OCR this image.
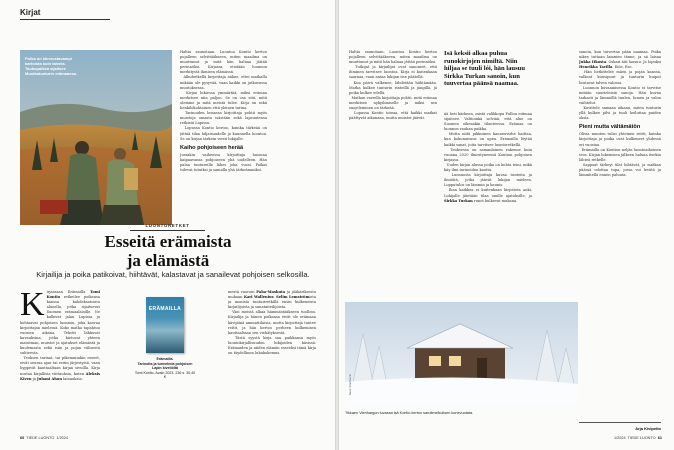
Kirjat
Pulka on kiinnostavampi kartoista kuin talveia. Taukopaikka sijaitsee Muotkatunturin erämaassa.
LUONTORETKET
Esseitä erämaista
ja elämästä
Kirjailija ja poika patikoivat, hiihtävät, kalastavat ja sanailevat pohjoisen selkosilla.
Kirjassaan Erämailla Tomi Kontio retkeilee poikansa kanssa kahdeksatoista alueella, jotka sijaitsevat Suomen erämaalaisille. Ne kulkivat jalan Lapissa ja kohtaavat pohjoisen luonnon, joka kasvaa kirjoittajan mielessä. Koko matka tapahtuu vuosien aikana. Tekstit liikkuvat kuvauksina, jotka kietovat yhteen maiseman, muistot ja ajatukset elämästä ja kuolemasta sekä isän ja pojan välisestä suhteesta.
Teoksen tarinat, tai pikemminkin esseet, eivät seuraa ajan tai reitin järjestystä, vaan hyppivät kauttaaltaan kirjan sivuilla. Kirja nostaa kirjallisia viittauksia, kuten Aleksis Kiven ja Juhani Ahon lainauksia.
ERÄMAILLA
Erämailla.
Tarinoita ja tunnelmia pohjoisen Lapin kiveliöltä
Tomi Kontio. Avain 2023. 236 s. 30,40 €
mestä vuoroin Paha-Maskuta ja jääkäriksesta mukaan Kari Wallenius. Selim Lemströmista ja monista tunturiretkillä ensin kulkeneista kirjailijoista ja sanataiteilijoista.
Yksi meistä alkaa hämmästääkseen tuolloin. Kirjailija ja hänen poikansa eivät ole erämaan kävijöinä ammattilaisia, mutta kirjoittaja tuntee reitit, ja hän kertoo perheen kulkemisen kauttaaltaan sen viehätyksestä.
Tästä syystä kirja saa paikkansa myös luontokirjallisuuden lukijoiden käsissä. Erämaiden ja niiden elämän esseeksi tämä kirja on täydellinen lukukokemus.
Haltia saunotaan. Luontoa Kontio kertoo pojalleen selvittääkseen, miten maailma on muuttunut ja mitä hän haluaa jättää perinnöksi. Kirjassa etsitään luonnon merkitystä ihmisen elämässä.
Alkuhetkellä kirjoittaja näkee, ettei matkalla mikään ole pysyvää, vaan kaikki on jatkuvassa muutoksessa.
Kirjaa lukiessa ymmärtää, miksi erämaa merkitsee niin paljon. Se on osa sitä, mitä olemme ja mitä meistä tulee. Kirja on sekä henkilökohtainen että yleinen tarina.
Tarinoiden lomassa kirjoittaja pohtii myös muistoja omasta isästään sekä lapsuutensa retkistä Lapissa.
Lopussa Kontio kertoo, kuinka tärkeää on jättää tilaa hiljaisuudelle ja kuunnella luontoa. Se on kirjan tärkein viesti lukijalle.
Kaiho pohjoiseen herää
Jossakin vaiheessa kirjoittaja huomaa kaipaavansa pohjoiseen yhä uudelleen. Hän palaa tuntureille lähes joka vuosi. Paikat tulevat tutuiksi ja samalla yhä tärkeämmiksi.
60 TIEDE LUONTO 1/2024
Haltia saunotaan. Luontoa Kontio kertoo pojalleen selvittääkseen, miten maailma on muuttunut ja mitä hän haluaa jättää perinnöksi.
Tutkijat ja kirjailijat ovat sanoneet, että ihminen tarvitsee luontoa. Kirja ei kuitenkaan saarnaa, vaan antaa lukijan itse päätellä.
Kun päivä valkenee, lähdetään hiihtämään. Matka kulkee tunturin rinteillä ja jängillä, ja poika kulkee edellä.
Matkan varrella kirjoittaja pohtii, mitä erämaa merkitsee nykyihmiselle ja miksi sen suojeleminen on tärkeää.
Lopussa Kontio toteaa, että kaikki matkat päättyvät aikanaan, mutta muistot jäävät.
Isä keksii alkaa puhua runokirjojen nimiltä. Niin hiljaa se tuuli lói, hän lausuu Sirkka Turkan sanoin, kun tuuvertaa päänsä naamaa.
ää heti kärkeen, mistä valikkopa Pullon erämaa sijaitsee. Valtioinkä selviää, että alue on Suomen oikeaakin tilanteessa. Erämaa on luonnon rauhan paikka.
Mutta niitä pikkuinen kauneuvirhe haittaa, kun kokonaisuus on upea. Erämailla löytää kaikki sanat, joita tarvitsee luontoretkellä.
Teoksessa on samanlainen rakenne kuin vuonna 2020 ilmestyneessä Kontion pohjoisen kirjassa.
Uuden kirjan alussa poika on kohta teini, mikä käy ilmi tarinoiden kautta.
Luonnosta kirjoittaja kuvaa tunteita ja ilmiöitä, jotka jäävät lukijan mieleen. Lopputulos on lämmin ja kaunis.
Ihan kaikkea ei kuitenkaan kirjoiteta auki. Lukijalle jätetään tilaa omille ajatuksille, ja Sirkka Turkan runot kulkevat mukana.
sanoin, kun tuivertaa pään naamaa. Poika nikee tuttaan lammen tänne, ja sä laisaa Jukka Itkosta. Oskari äiti lausuu. Ja lopuksi Henrikka Tavilla. Eiöe, Ese.
Hän hetkittelee mäen ja pojan kanssa, valkeat kuusipuut ja tunturin huiput loistavat talven valossa.
Luonnon kuvaamisessa Kontio ei tarvitse mitään suurieleisiä sanoja. Hän kuvaa tarkasti ja lämmöllä tuulen, lumen ja valon vaihtelut.
Kuvittele samaan aikaan, miten tunturin yllä kulkee pilvi ja tuuli heiluttaa puiden oksia.
Pieni mutta vältämätön
Olivia muuten tulisi yhteinen reitti, kuinka kirjoittaja ja poika ovat kulkeneet yhdessä eri vuosina.
Erämailla on Kontion neljäs luontoaiheinen teos. Kirjan lukemisen jälkeen haluaa itsekin lähteä retkelle.
Sappaat tärkeyt tilat hihtävät, ja matkan päässä odottaa tupa, jossa voi levätä ja lämmitellä ennen paluuta.
Kuva: Tomi Kontio
Tikkaen Vierihargon tuvassa isä Kontio kertoo saruitmelkolisen konevuotata.
Arja Kivipelto
1/2024 TIEDE LUONTO 61
